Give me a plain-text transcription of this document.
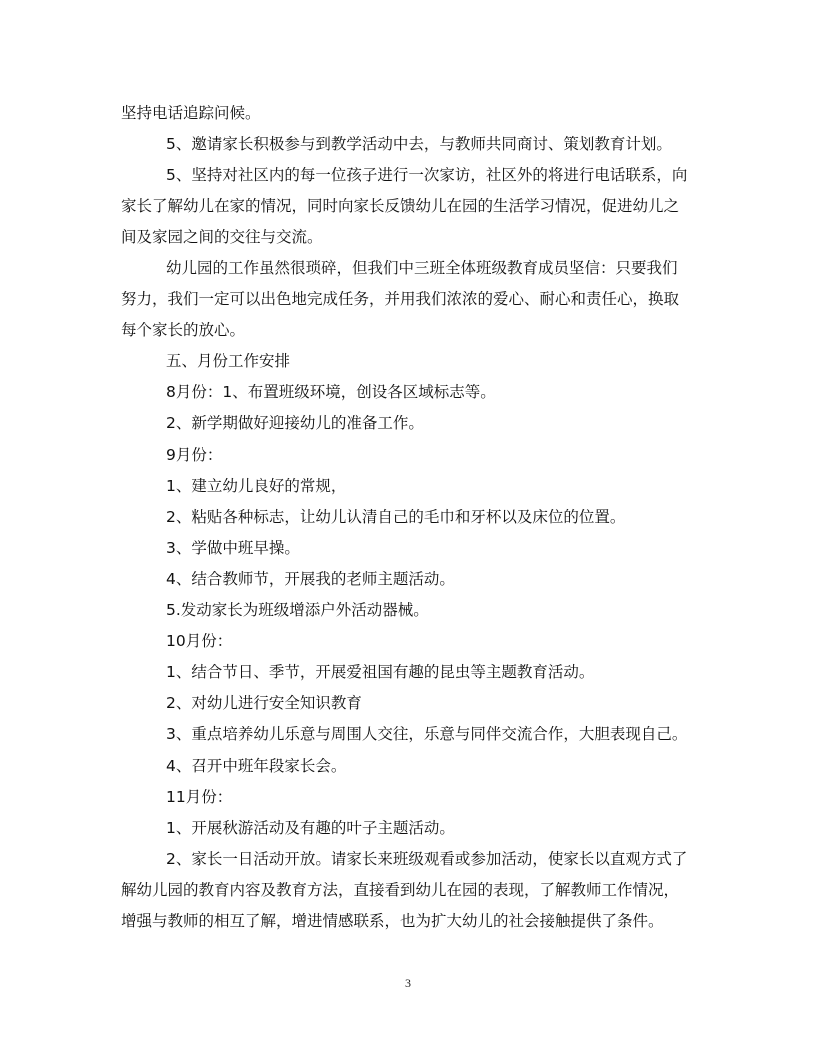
坚持电话追踪问候。
5、邀请家长积极参与到教学活动中去，与教师共同商讨、策划教育计划。
5、坚持对社区内的每一位孩子进行一次家访，社区外的将进行电话联系，向
家长了解幼儿在家的情况，同时向家长反馈幼儿在园的生活学习情况，促进幼儿之
间及家园之间的交往与交流。
幼儿园的工作虽然很琐碎，但我们中三班全体班级教育成员坚信：只要我们
努力，我们一定可以出色地完成任务，并用我们浓浓的爱心、耐心和责任心，换取
每个家长的放心。
五、月份工作安排
8月份：1、布置班级环境，创设各区域标志等。
2、新学期做好迎接幼儿的准备工作。
9月份：
1、建立幼儿良好的常规，
2、粘贴各种标志，让幼儿认清自己的毛巾和牙杯以及床位的位置。
3、学做中班早操。
4、结合教师节，开展我的老师主题活动。
5.发动家长为班级增添户外活动器械。
10月份：
1、结合节日、季节，开展爱祖国有趣的昆虫等主题教育活动。
2、对幼儿进行安全知识教育
3、重点培养幼儿乐意与周围人交往，乐意与同伴交流合作，大胆表现自己。
4、召开中班年段家长会。
11月份：
1、开展秋游活动及有趣的叶子主题活动。
2、家长一日活动开放。请家长来班级观看或参加活动，使家长以直观方式了
解幼儿园的教育内容及教育方法，直接看到幼儿在园的表现，了解教师工作情况，
增强与教师的相互了解，增进情感联系，也为扩大幼儿的社会接触提供了条件。
3
